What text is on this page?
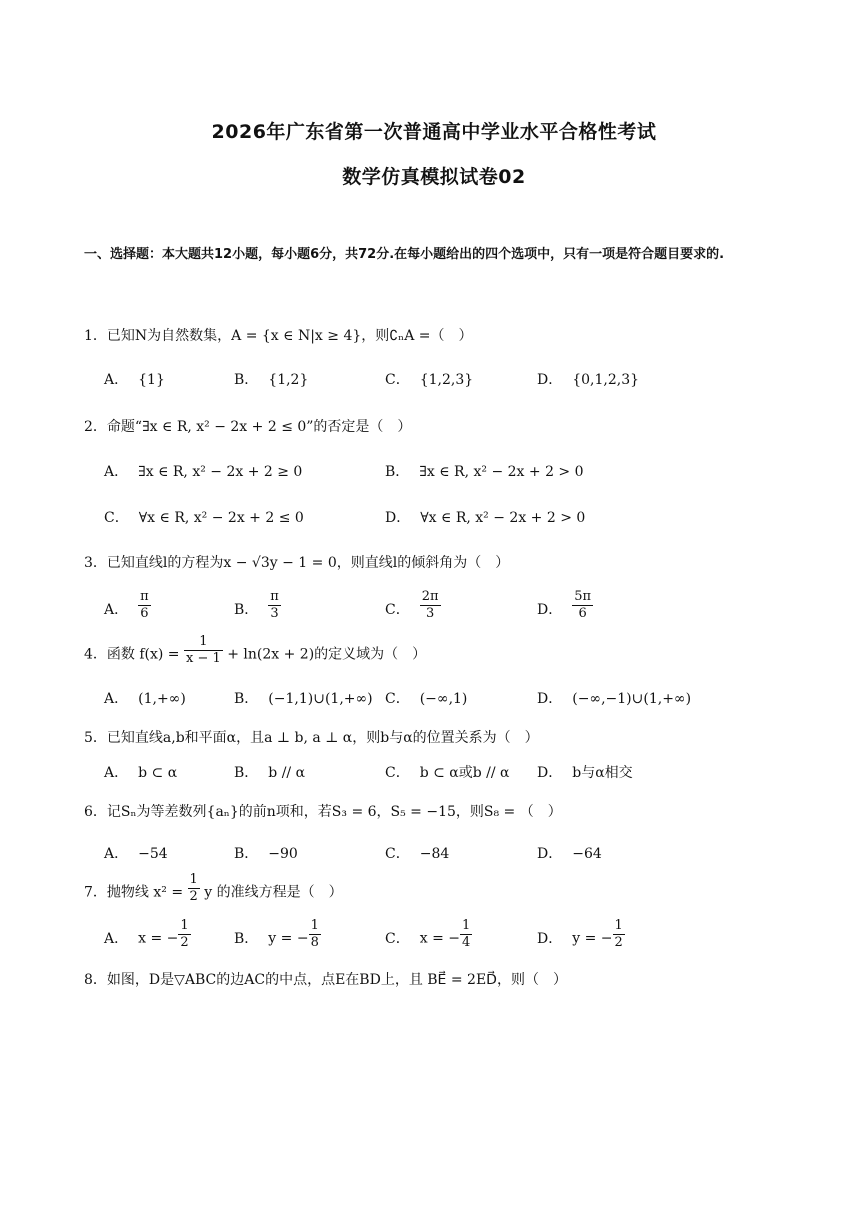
2026年广东省第一次普通高中学业水平合格性考试
数学仿真模拟试卷02
一、选择题：本大题共12小题，每小题6分，共72分.在每小题给出的四个选项中，只有一项是符合题目要求的.
1．已知N为自然数集，A = {x ∈ N|x ≥ 4}，则∁ₙA =（　）
A． {1}	B． {1,2}	C． {1,2,3}	D． {0,1,2,3}
2．命题“∃x ∈ R, x² − 2x + 2 ≤ 0”的否定是（　）
A． ∃x ∈ R, x² − 2x + 2 ≥ 0	B． ∃x ∈ R, x² − 2x + 2 > 0
C． ∀x ∈ R, x² − 2x + 2 ≤ 0	D． ∀x ∈ R, x² − 2x + 2 > 0
3．已知直线l的方程为x − √3y − 1 = 0，则直线l的倾斜角为（　）
A． $\frac{\pi}{6}$	B． $\frac{\pi}{3}$	C． $\frac{2\pi}{3}$	D． $\frac{5\pi}{6}$
4．函数 $f(x) = \frac{1}{x - 1} + \ln(2x + 2)$的定义域为（　）
A． (1,+∞)	B． (−1,1)∪(1,+∞) C． (−∞,1)	D． (−∞,−1)∪(1,+∞)
5．已知直线a,b和平面α，且a ⊥ b, a ⊥ α，则b与α的位置关系为（　）
A． b ⊂ α	B． b // α	C． b ⊂ α或b // α D． b与α相交
6．记Sₙ为等差数列{aₙ}的前n项和，若S₃ = 6，S₅ = −15，则S₈ = （　）
A． −54	B． −90	C． −84	D． −64
7．抛物线 $x^2 = \frac{1}{2}$ y 的准线方程是（　）
A． x = − $\frac{1}{2}$	B． y = − $\frac{1}{8}$	C． x = − $\frac{1}{4}$	D． y = − $\frac{1}{2}$
8．如图，D是▽ABC的边AC的中点，点E在BD上，且 BE⃗ = 2ED⃗，则（　）
